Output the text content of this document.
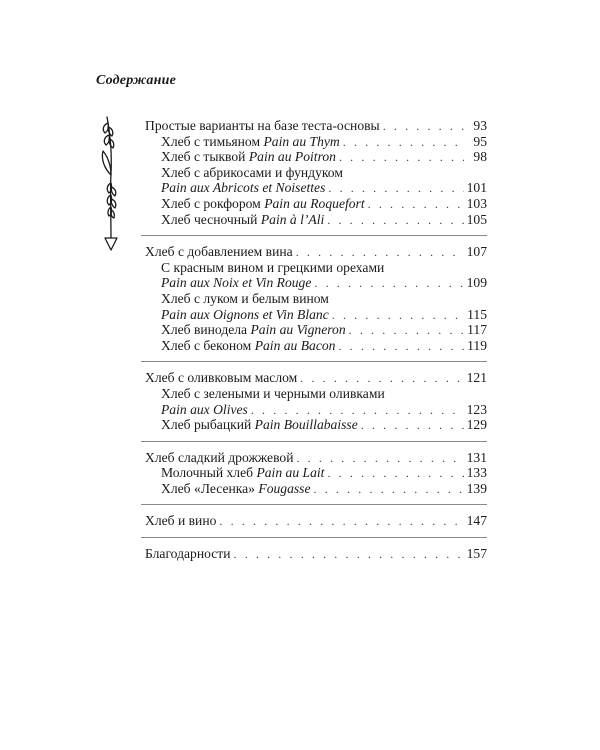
Содержание
Простые варианты на базе теста-основы . . .	93
Хлеб с тимьяном Pain au Thym . . .	95
Хлеб с тыквой Pain au Poitron . . .	98
Хлеб с абрикосами и фундуком
Pain aux Abricots et Noisettes . . .	101
Хлеб с рокфором Pain au Roquefort . . .	103
Хлеб чесночный Pain à l’Ali . . .	105
Хлеб с добавлением вина . . .	107
С красным вином и грецкими орехами
Pain aux Noix et Vin Rouge . . .	109
Хлеб с луком и белым вином
Pain aux Oignons et Vin Blanc . . .	115
Хлеб винодела Pain au Vigneron . . .	117
Хлеб с беконом Pain au Bacon . . .	119
Хлеб с оливковым маслом . . .	121
Хлеб с зелеными и черными оливками
Pain aux Olives . . .	123
Хлеб рыбацкий Pain Bouillabaisse . . .	129
Хлеб сладкий дрожжевой . . .	131
Молочный хлеб Pain au Lait . . .	133
Хлеб «Лесенка» Fougasse . . .	139
Хлеб и вино . . .	147
Благодарности . . .	157
